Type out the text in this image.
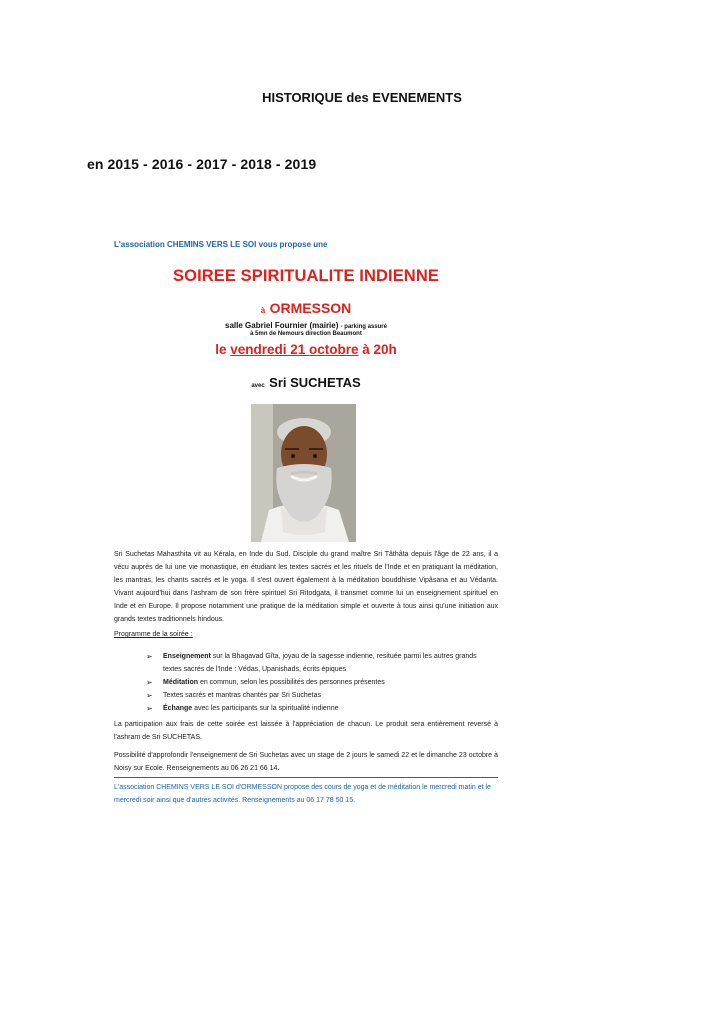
HISTORIQUE des EVENEMENTS
en 2015 - 2016 - 2017 - 2018 - 2019
L'association CHEMINS VERS LE SOI vous propose une
SOIREE SPIRITUALITE INDIENNE
à ORMESSON
salle Gabriel Fournier (mairie) - parking assuré
à 5mn de Nemours direction Beaumont
le vendredi 21 octobre à 20h
avec Sri SUCHETAS
Sri Suchetas Mahasthita vit au Kérala, en Inde du Sud. Disciple du grand maître Sri Tâthâta depuis l'âge de 22 ans, il a vécu auprès de lui une vie monastique, en étudiant les textes sacrés et les rituels de l'Inde et en pratiquant la méditation, les mantras, les chants sacrés et le yoga. Il s'est ouvert également à la méditation bouddhiste Vipâsana et au Védanta. Vivant aujourd'hui dans l'ashram de son frère spirituel Sri Ritodgata, il transmet comme lui un enseignement spirituel en Inde et en Europe. Il propose notamment une pratique de la méditation simple et ouverte à tous ainsi qu'une initiation aux grands textes traditionnels hindous.
Programme de la soirée :
➢ Enseignement sur la Bhagavad Gîta, joyau de la sagesse indienne, resituée parmi les autres grands textes sacrés de l'Inde : Védas, Upanishads, écrits épiques
➢ Méditation en commun, selon les possibilités des personnes présentes
➢ Textes sacrés et mantras chantés par Sri Suchetas
➢ Échange avec les participants sur la spiritualité indienne
La participation aux frais de cette soirée est laissée à l'appréciation de chacun. Le produit sera entièrement reversé à l'ashram de Sri SUCHETAS.
Possibilité d'approfondir l'enseignement de Sri Suchetas avec un stage de 2 jours le samedi 22 et le dimanche 23 octobre à Noisy sur Ecole. Renseignements au 06 26 21 66 14.
L'association CHEMINS VERS LE SOI d'ORMESSON propose des cours de yoga et de méditation le mercredi matin et le mercredi soir ainsi que d'autres activités. Renseignements au 06 17 78 50 15.
